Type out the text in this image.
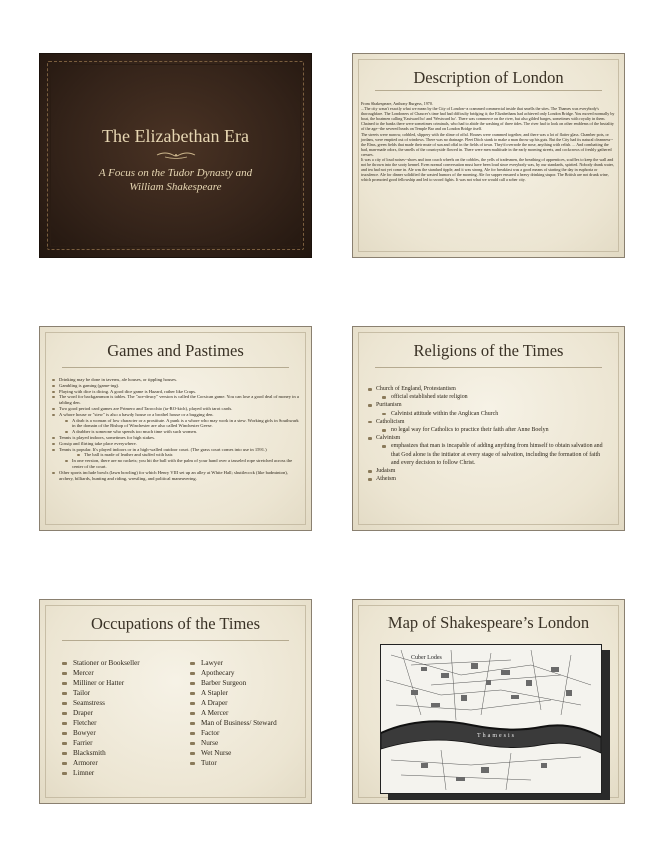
The Elizabethan Era
A Focus on the Tudor Dynasty and
William Shakespeare
Description of London

From Shakespeare, Anthony Burgess, 1970.

...The city wasn't exactly what we mean by the City of London--a crammed commercial inside that smells the sites. The Thames was everybody's thoroughfare. The Londoners of Chaucer's time had had difficulty bridging it; the Elizabethans had achieved only London Bridge. You moved normally by boat, the boatmen calling 'Eastward ho' and 'Westward ho'. There was commerce on the river, but also gilded barges, sometimes with royalty in them. Chained to the banks there were sometimes criminals, who had to abide the washing of three tides. The river had to look on other emblems of the brutality of the age--the severed heads on Temple Bar and on London Bridge itself.

The streets were narrow, cobbled, slippery with the slime of offal. Houses were crammed together, and there was a lot of flatter glass. Chamber pots, or jordans, were emptied out of windows. There was no drainage. Fleet Ditch stank to make a man throw up his guts. But the City had its natural cleanness--the Elms, green fields that made their mute of sun and offal in the fields of town. They'd overrode the nose, anything with relish. ... And combatting the bad, man-made odors, the smells of the countryside flowed in. There were men multitude in the early morning streets, and cockcrows of freshly gathered cresses.

It was a city of loud noises--shoes and iron coach wheels on the cobbles, the yells of tradesmen, the breathing of apprentices, scuffles to keep the wall and not be thrown into the sooty kennel. Even normal conversation must have been loud since everybody was, by our standards, spirited. Nobody drank water, and tea had not yet come in. Ale was the standard tipple, and it was strong. Ale for breakfast was a good means of starting the day in euphoria or truculence. Ale for dinner solidified the wasted humors of the morning. Ale for supper ensured a heavy drinking stupor. The British are not drunk wine, which promoted good fellowship and led to sword fights. It was not what we would call a sober city.

Games and Pastimes
Drinking may be done in taverns, ale houses, or tippling houses.
Gambling is gaming (game-ing).
Playing with dice is dicing. A good dice game is Hazard, rather like Craps.
The word for backgammon is tables. The "ace-deucy" version is called the Corsican game. You can lose a good deal of money in a tabling den.
Two good period card games are Primero and Tarocchio (ta-RO-kich), played with tarot cards.
A whore house or "stew" is also a bawdy house or a brothel house or a bugging den.
A drab is a woman of low character or a prostitute. A punk is a whore who may work in a stew. Working girls in Southwark in the domain of the Bishop of Winchester are also called Winchester Geese.
A drabber is someone who spends too much time with such women.
Tennis is played indoors, sometimes for high stakes.
Gossip and flirting take place everywhere.
Tennis is popular. It's played indoors or in a high-walled outdoor court. (The grass court comes into use in 1591.)
The ball is made of leather and stuffed with hair.
In one version, there are no rackets; you hit the ball with the palm of your hand over a tasseled rope stretched across the center of the court.
Other sports include bowls (lawn bowling) for which Henry VIII set up an alley at White Hall; shuttlecock (like badminton), archery, billiards, hunting and riding, wrestling, and political maneuvering.
Religions of the Times
Church of England, Protestantism
official established state religion
Puritanism
Calvinist attitude within the Anglican Church
Catholicism
no legal way for Catholics to practice their faith after Anne Boelyn
Calvinism
emphasizes that man is incapable of adding anything from himself to obtain salvation and that God alone is the initiator at every stage of salvation, including the formation of faith and every decision to follow Christ.
Judaism
Atheism
Occupations of the Times
Stationer or Bookseller
Mercer
Milliner or Hatter
Tailor
Seamstress
Draper
Fletcher
Bowyer
Farrier
Blacksmith
Armorer
Limner
Lawyer
Apothecary
Barber Surgeon
A Stapler
A Draper
A Mercer
Man of Business/ Steward
Factor
Nurse
Wet Nurse
Tutor
Map of Shakespeare’s London
Cuber Lodes
Thamesis
